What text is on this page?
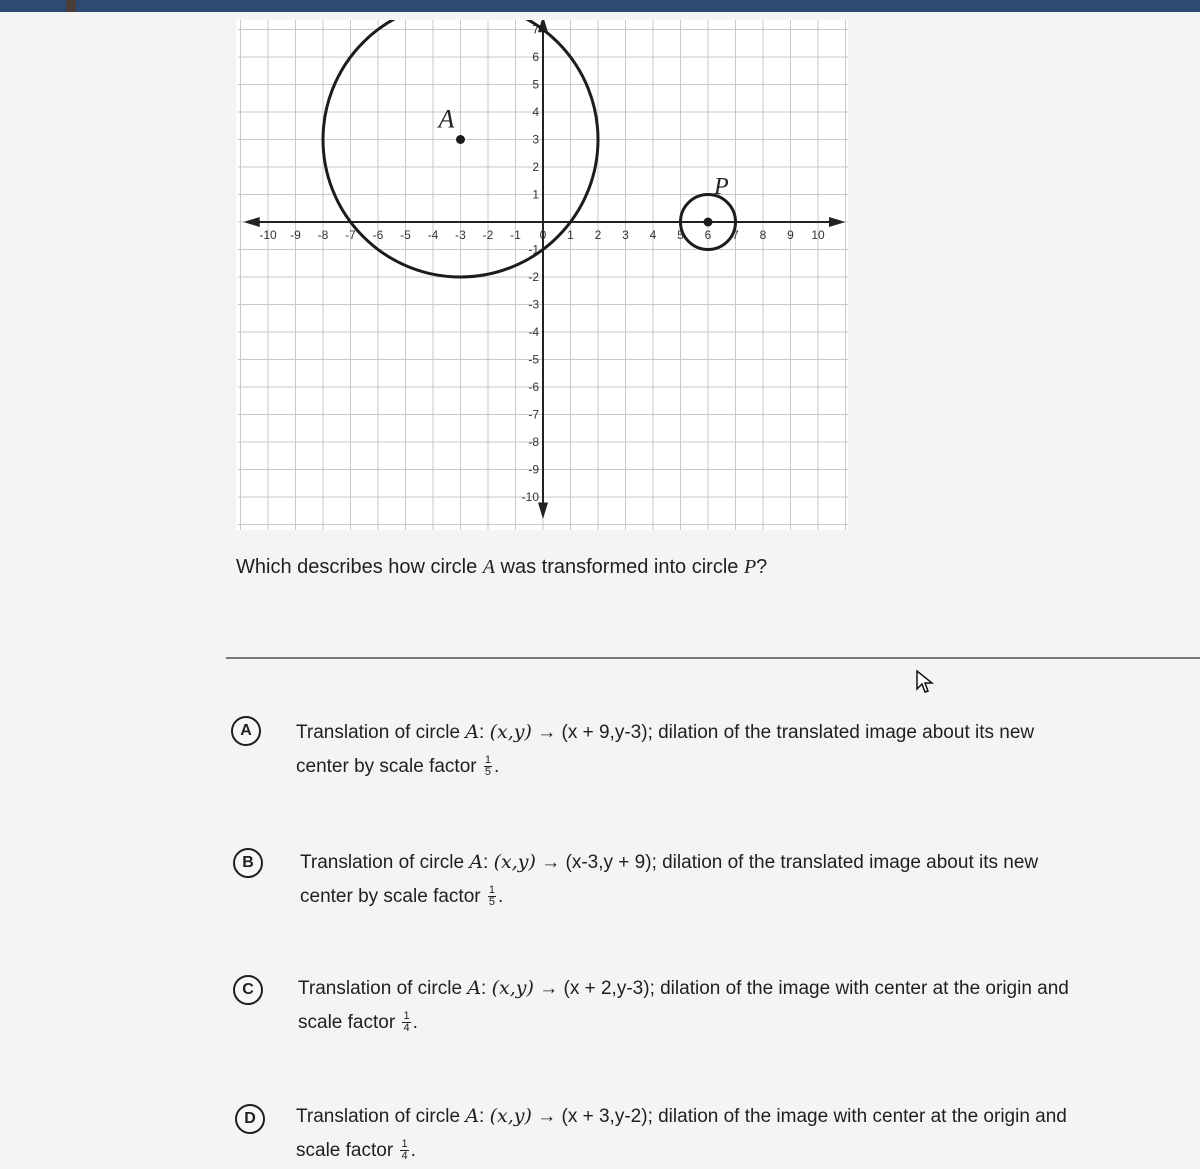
-10 -9 -8 -7 -6 -5 -4 -3 -2 -1 0 1 2 3 4 5 6 7 8 9 10
-10
-9
-8
-7
-6
-5
-4
-3
-2
-1
1
2
3
4
5
6
7
A
P
Which describes how circle A was transformed into circle P?
A	Translation of circle A: (x,y) → (x + 9,y-3); dilation of the translated image about its new
center by scale factor $\frac{1}{5}$ .
B	Translation of circle A: (x,y) → (x-3,y + 9); dilation of the translated image about its new
center by scale factor $\frac{1}{5}$ .
C	Translation of circle A: (x,y) → (x + 2,y-3); dilation of the image with center at the origin and
scale factor $\frac{1}{4}$ .
D	Translation of circle A: (x,y) → (x + 3,y-2); dilation of the image with center at the origin and
scale factor $\frac{1}{4}$ .
